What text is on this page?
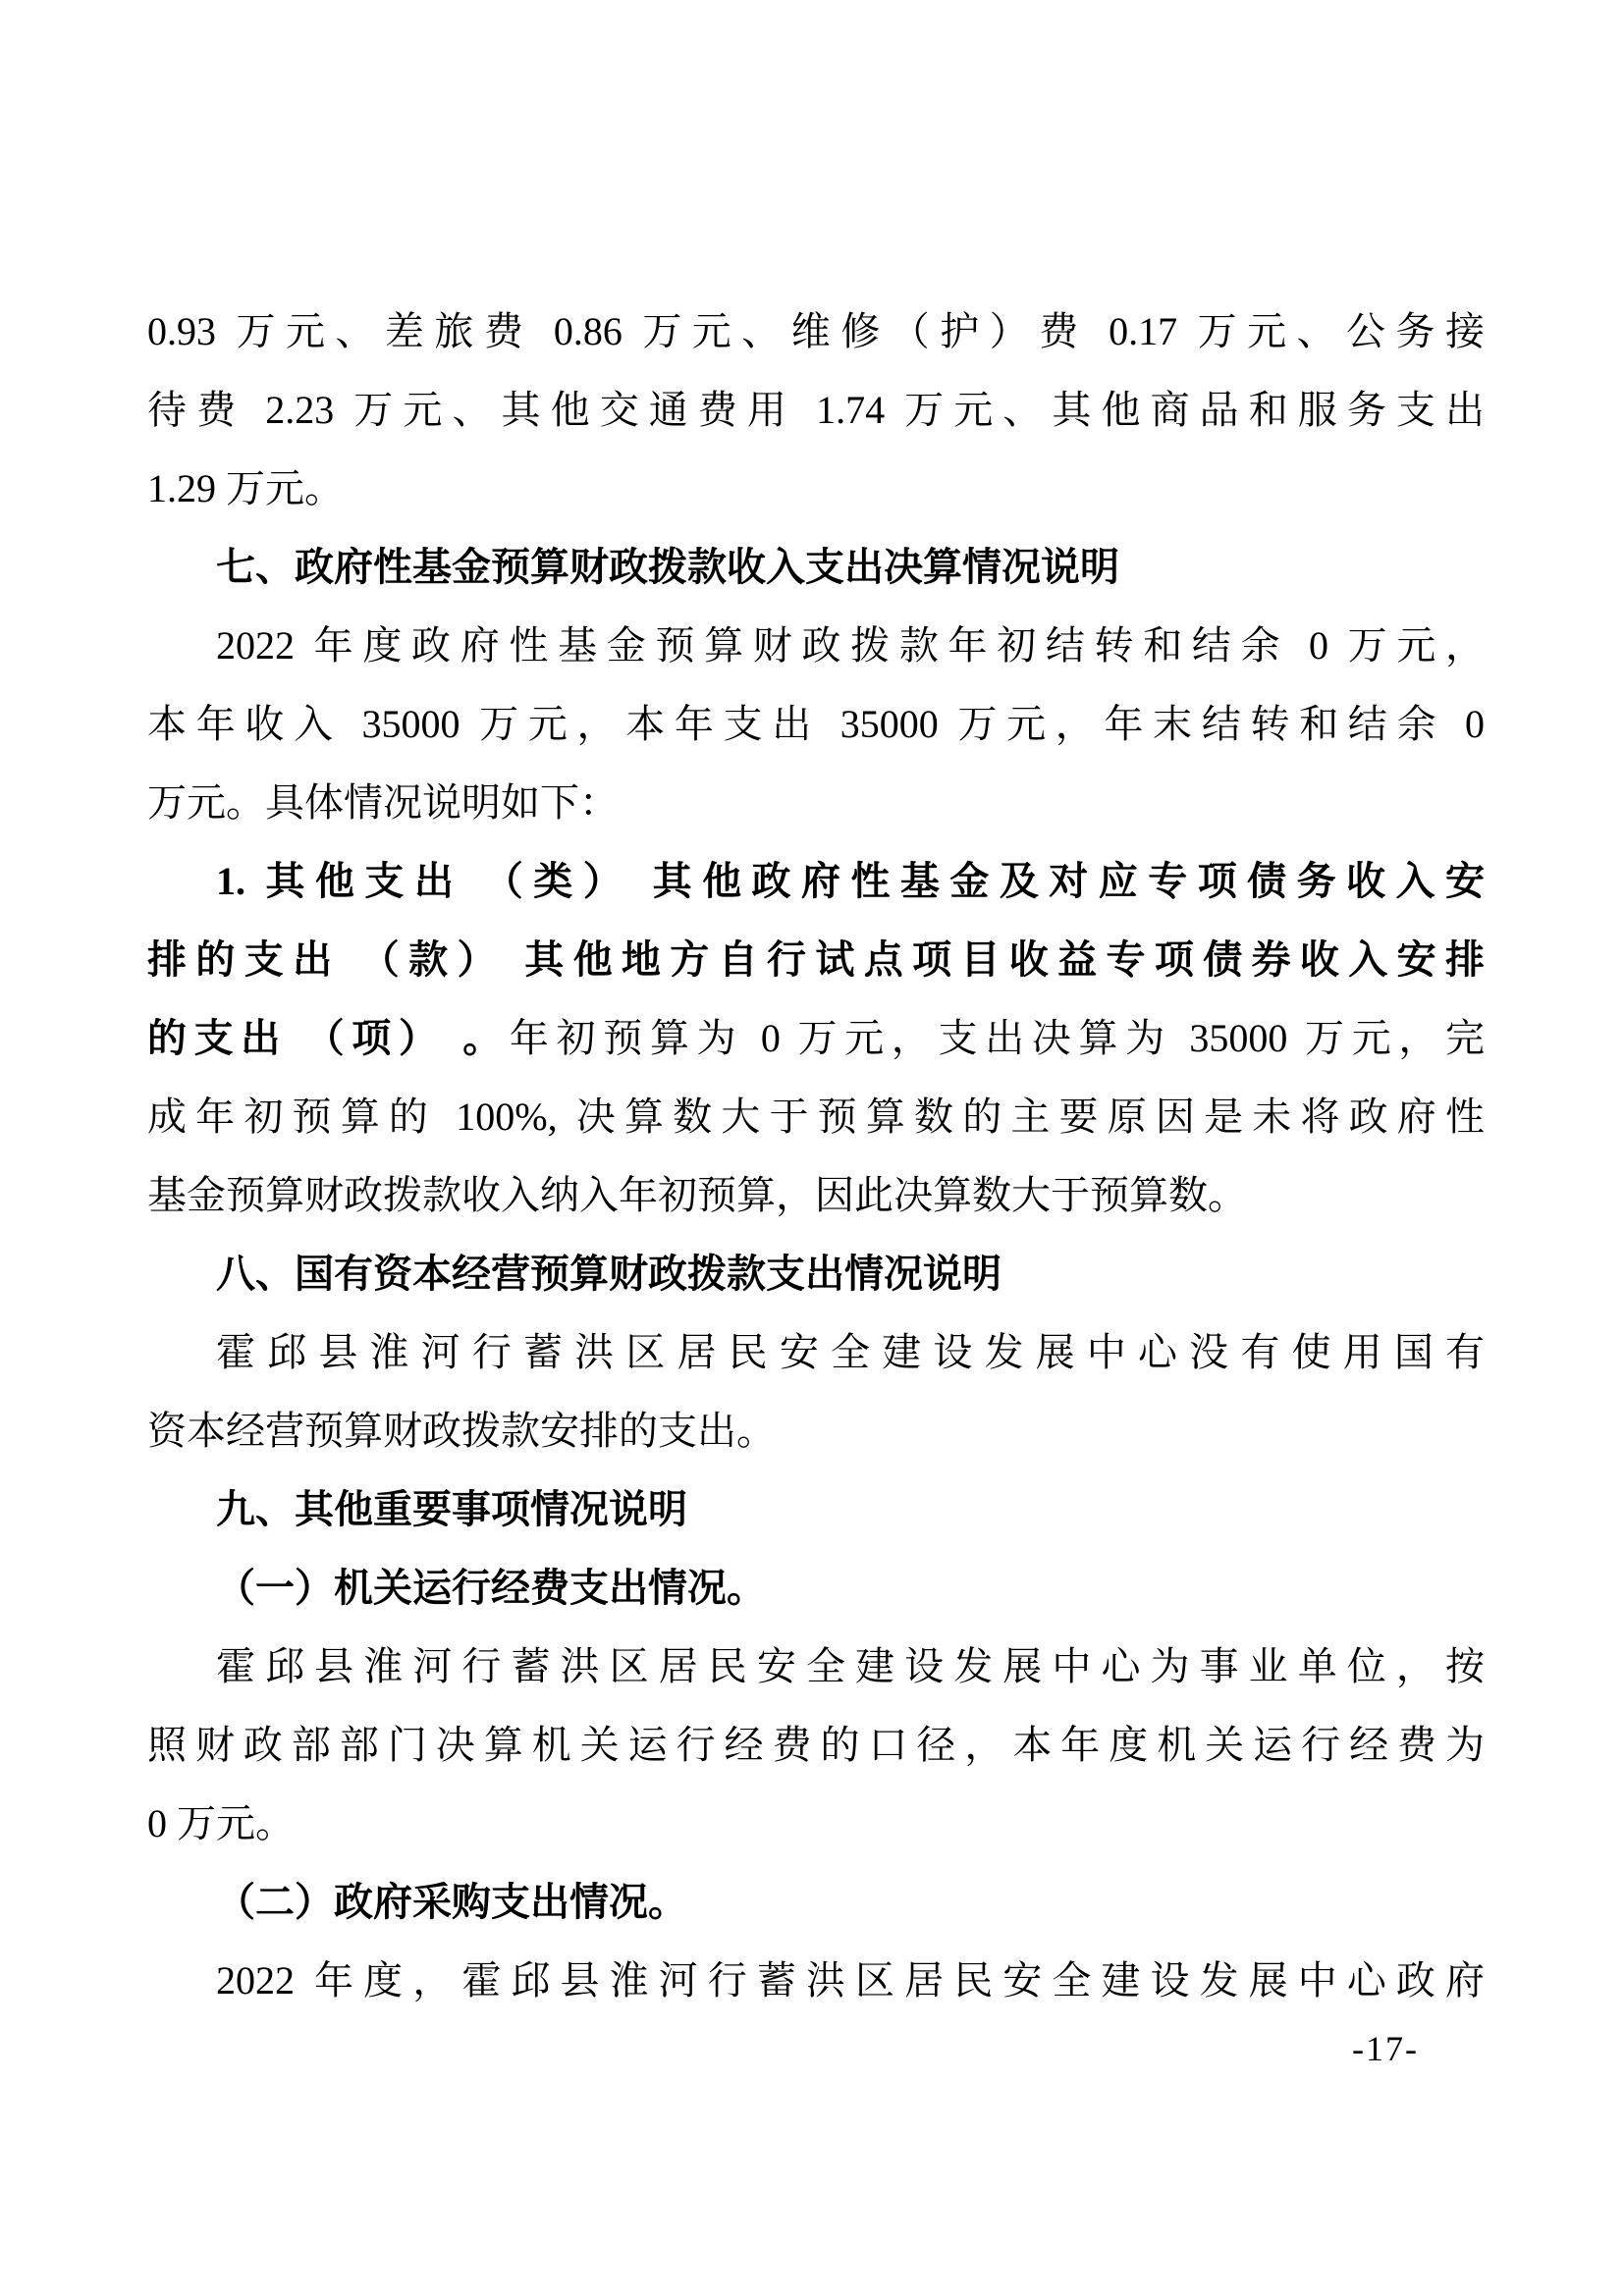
0.93 万元、差旅费 0.86 万元、维修（护）费 0.17 万元、公务接
待费 2.23 万元、其他交通费用 1.74 万元、其他商品和服务支出
1.29 万元。
七、政府性基金预算财政拨款收入支出决算情况说明
2022 年度政府性基金预算财政拨款年初结转和结余 0 万元，
本年收入 35000 万元，本年支出 35000 万元，年末结转和结余 0
万元。具体情况说明如下：
1. 其他支出 （类） 其他政府性基金及对应专项债务收入安
排的支出 （款） 其他地方自行试点项目收益专项债券收入安排
的支出 （项） 。年初预算为 0 万元，支出决算为 35000 万元，完
成年初预算的 100%, 决算数大于预算数的主要原因是未将政府性
基金预算财政拨款收入纳入年初预算，因此决算数大于预算数。
八、国有资本经营预算财政拨款支出情况说明
霍邱县淮河行蓄洪区居民安全建设发展中心没有使用国有
资本经营预算财政拨款安排的支出。
九、其他重要事项情况说明
（一）机关运行经费支出情况。
霍邱县淮河行蓄洪区居民安全建设发展中心为事业单位，按
照财政部部门决算机关运行经费的口径，本年度机关运行经费为
0 万元。
（二）政府采购支出情况。
2022 年度，霍邱县淮河行蓄洪区居民安全建设发展中心政府
-17-
